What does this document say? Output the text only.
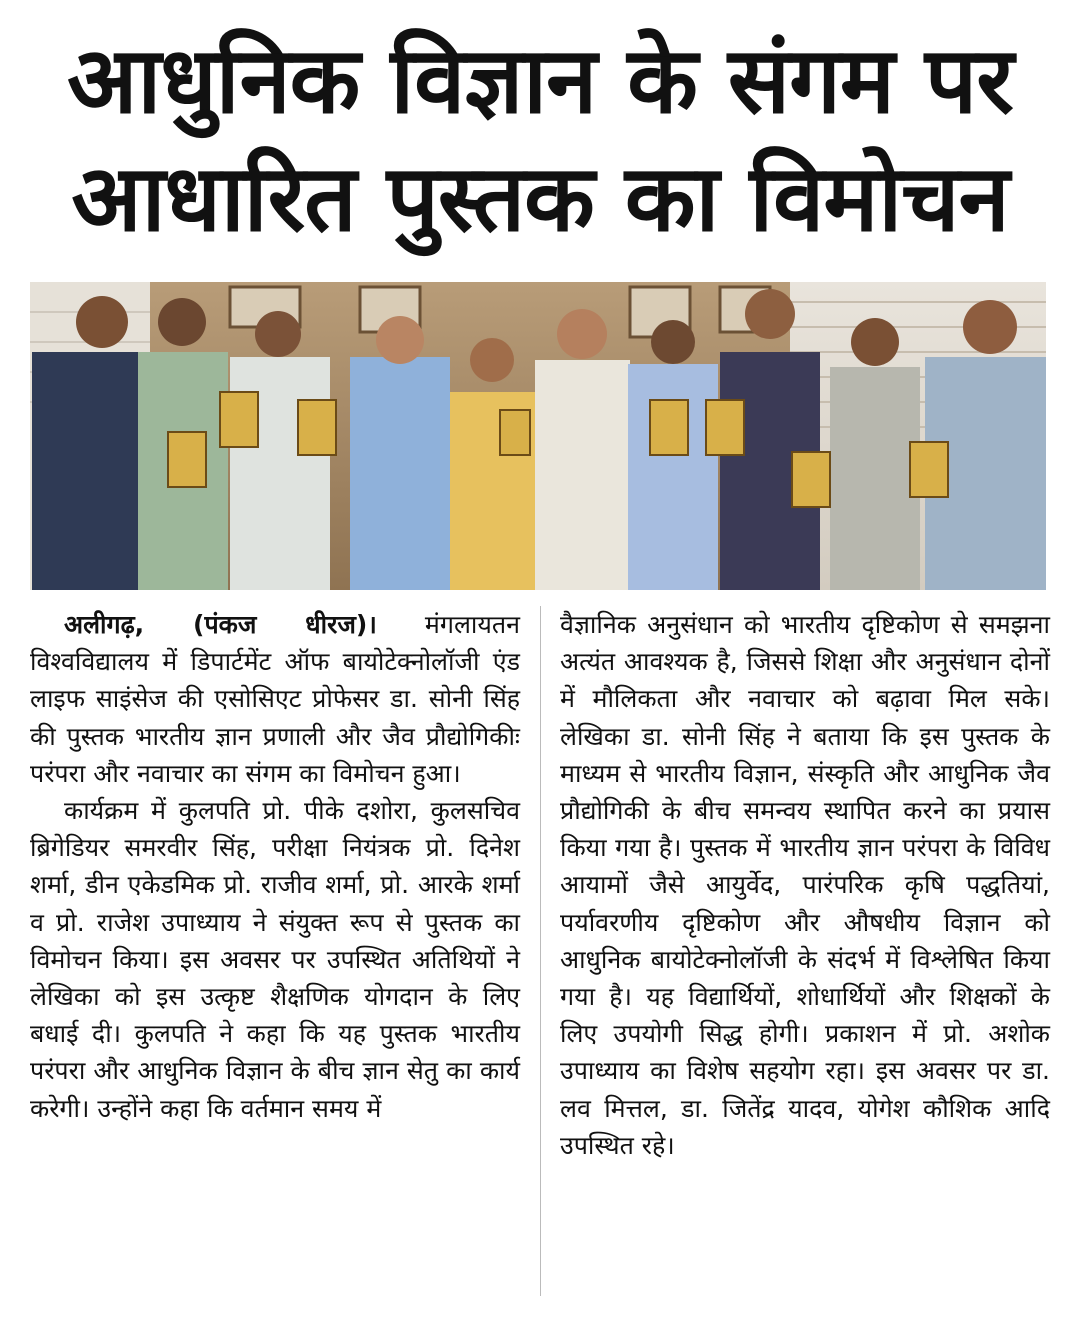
आधुनिक विज्ञान के संगम पर
आधारित पुस्तक का विमोचन

अलीगढ़, (पंकज धीरज)। मंगलायतन विश्वविद्यालय में डिपार्टमेंट ऑफ बायोटेक्नोलॉजी एंड लाइफ साइंसेज की एसोसिएट प्रोफेसर डा. सोनी सिंह की पुस्तक भारतीय ज्ञान प्रणाली और जैव प्रौद्योगिकीः परंपरा और नवाचार का संगम का विमोचन हुआ।

कार्यक्रम में कुलपति प्रो. पीके दशोरा, कुलसचिव ब्रिगेडियर समरवीर सिंह, परीक्षा नियंत्रक प्रो. दिनेश शर्मा, डीन एकेडमिक प्रो. राजीव शर्मा, प्रो. आरके शर्मा व प्रो. राजेश उपाध्याय ने संयुक्त रूप से पुस्तक का विमोचन किया। इस अवसर पर उपस्थित अतिथियों ने लेखिका को इस उत्कृष्ट शैक्षणिक योगदान के लिए बधाई दी। कुलपति ने कहा कि यह पुस्तक भारतीय परंपरा और आधुनिक विज्ञान के बीच ज्ञान सेतु का कार्य करेगी। उन्होंने कहा कि वर्तमान समय में

वैज्ञानिक अनुसंधान को भारतीय दृष्टिकोण से समझना अत्यंत आवश्यक है, जिससे शिक्षा और अनुसंधान दोनों में मौलिकता और नवाचार को बढ़ावा मिल सके। लेखिका डा. सोनी सिंह ने बताया कि इस पुस्तक के माध्यम से भारतीय विज्ञान, संस्कृति और आधुनिक जैव प्रौद्योगिकी के बीच समन्वय स्थापित करने का प्रयास किया गया है। पुस्तक में भारतीय ज्ञान परंपरा के विविध आयामों जैसे आयुर्वेद, पारंपरिक कृषि पद्धतियां, पर्यावरणीय दृष्टिकोण और औषधीय विज्ञान को आधुनिक बायोटेक्नोलॉजी के संदर्भ में विश्लेषित किया गया है। यह विद्यार्थियों, शोधार्थियों और शिक्षकों के लिए उपयोगी सिद्ध होगी। प्रकाशन में प्रो. अशोक उपाध्याय का विशेष सहयोग रहा। इस अवसर पर डा. लव मित्तल, डा. जितेंद्र यादव, योगेश कौशिक आदि उपस्थित रहे।
